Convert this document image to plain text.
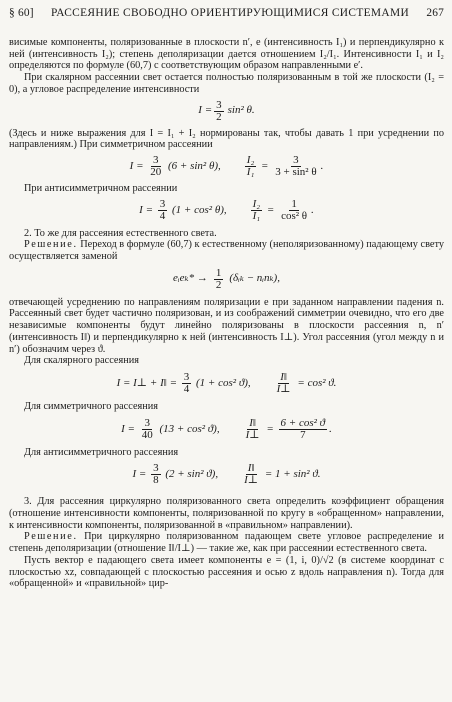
§ 60] РАССЕЯНИЕ СВОБОДНО ОРИЕНТИРУЮЩИМИСЯ СИСТЕМАМИ 267

висимые компоненты, поляризованные в плоскости n′, e (интенсивность I₁) и перпендикулярно к ней (интенсивность I₂); степень деполяризации дается отношением I₂/I₁. Интенсивности I₁ и I₂ определяются по формуле (60,7) с соответствующим образом направленными e′.

При скалярном рассеянии свет остается полностью поляризованным в той же плоскости (I₂ = 0), а угловое распределение интенсивности

$I = \frac{3}{2} \sin^2$ θ.

(Здесь и ниже выражения для I = I₁ + I₂ нормированы так, чтобы давать 1 при усреднении по направлениям.) При симметричном рассеянии

$I = \frac{3}{20} (6 + \sin^2$ θ), $\frac{\text{I₂}}{\text{I₁}} = \frac{3}{\text{3 + sin² θ}}$ .

При антисимметричном рассеянии

$I = \frac{3}{4} (1 + \cos^2$ θ), $\frac{\text{I₂}}{\text{I₁}} = \frac{1}{\text{cos² θ}}$ .

2. То же для рассеяния естественного света.

Решение. Переход в формуле (60,7) к естественному (неполяризованному) падающему свету осуществляется заменой

eᵢeₖ* → $\frac{1}{2}$ (δᵢₖ − nᵢnₖ),

отвечающей усреднению по направлениям поляризации e при заданном направлении падения n. Рассеянный свет будет частично поляризован, и из соображений симметрии очевидно, что его две независимые компоненты будут линейно поляризованы в плоскости рассеяния n, n′ (интенсивность I‖) и перпендикулярно к ней (интенсивность I⊥). Угол рассеяния (угол между n и n′) обозначим через ϑ.

Для скалярного рассеяния

I = I⊥ + I‖ = $\frac{3}{4} (1 + \cos^2$ ϑ), $\frac{I‖}{I\perp} = \cos^2$ ϑ.

Для симметричного рассеяния

$I = \frac{3}{40} (13 + \cos^2$ ϑ), $\frac{I‖}{I\perp} = \frac{\text{6 + cos² ϑ}}{7}$ .

Для антисимметричного рассеяния

$I = \frac{3}{8} (2 + \sin^2$ ϑ), $\frac{I‖}{I\perp} = 1 + \sin^2$ ϑ.

3. Для рассеяния циркулярно поляризованного света определить коэффициент обращения (отношение интенсивности компоненты, поляризованной по кругу в «обращенном» направлении, к интенсивности компоненты, поляризованной в «правильном» направлении).

Решение. При циркулярно поляризованном падающем свете угловое распределение и степень деполяризации (отношение I‖/I⊥) — такие же, как при рассеянии естественного света.

Пусть вектор e падающего света имеет компоненты e = (1, i, 0)/√2 (в системе координат с плоскостью xz, совпадающей с плоскостью рассеяния и осью z вдоль направления n). Тогда для «обращенной» и «правильной» цир-
